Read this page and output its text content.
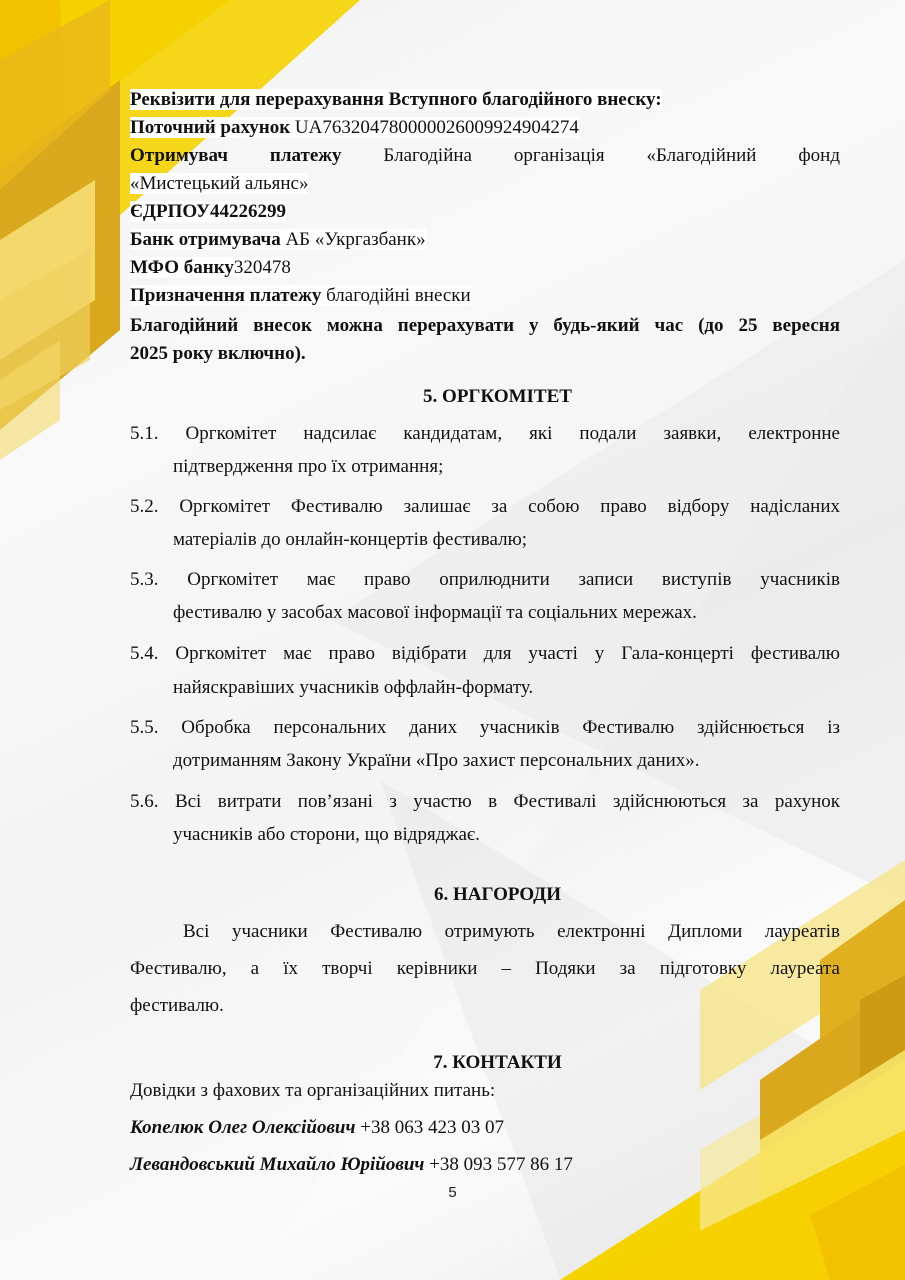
Реквізити для перерахування Вступного благодійного внеску:
Поточний рахунок UA763204780000026009924904274
Отримувач платежу Благодійна організація «Благодійний фонд
«Мистецький альянс»
ЄДРПОУ44226299
Банк отримувача АБ «Укргазбанк»
МФО банку320478
Призначення платежу благодійні внески
Благодійний внесок можна перерахувати у будь-який час (до 25 вересня
2025 року включно).
5. ОРГКОМІТЕТ
5.1. Оргкомітет надсилає кандидатам, які подали заявки, електронне
підтвердження про їх отримання;
5.2. Оргкомітет Фестивалю залишає за собою право відбору надісланих
матеріалів до онлайн-концертів фестивалю;
5.3. Оргкомітет має право оприлюднити записи виступів учасників
фестивалю у засобах масової інформації та соціальних мережах.
5.4. Оргкомітет має право відібрати для участі у Гала-концерті фестивалю
найяскравіших учасників оффлайн-формату.
5.5. Обробка персональних даних учасників Фестивалю здійснюється із
дотриманням Закону України «Про захист персональних даних».
5.6. Всі витрати пов’язані з участю в Фестивалі здійснюються за рахунок
учасників або сторони, що відряджає.
6. НАГОРОДИ
Всі учасники Фестивалю отримують електронні Дипломи лауреатів
Фестивалю, а їх творчі керівники – Подяки за підготовку лауреата
фестивалю.
7. КОНТАКТИ
Довідки з фахових та організаційних питань:
Копелюк Олег Олексійович +38 063 423 03 07
Левандовський Михайло Юрійович +38 093 577 86 17
5
